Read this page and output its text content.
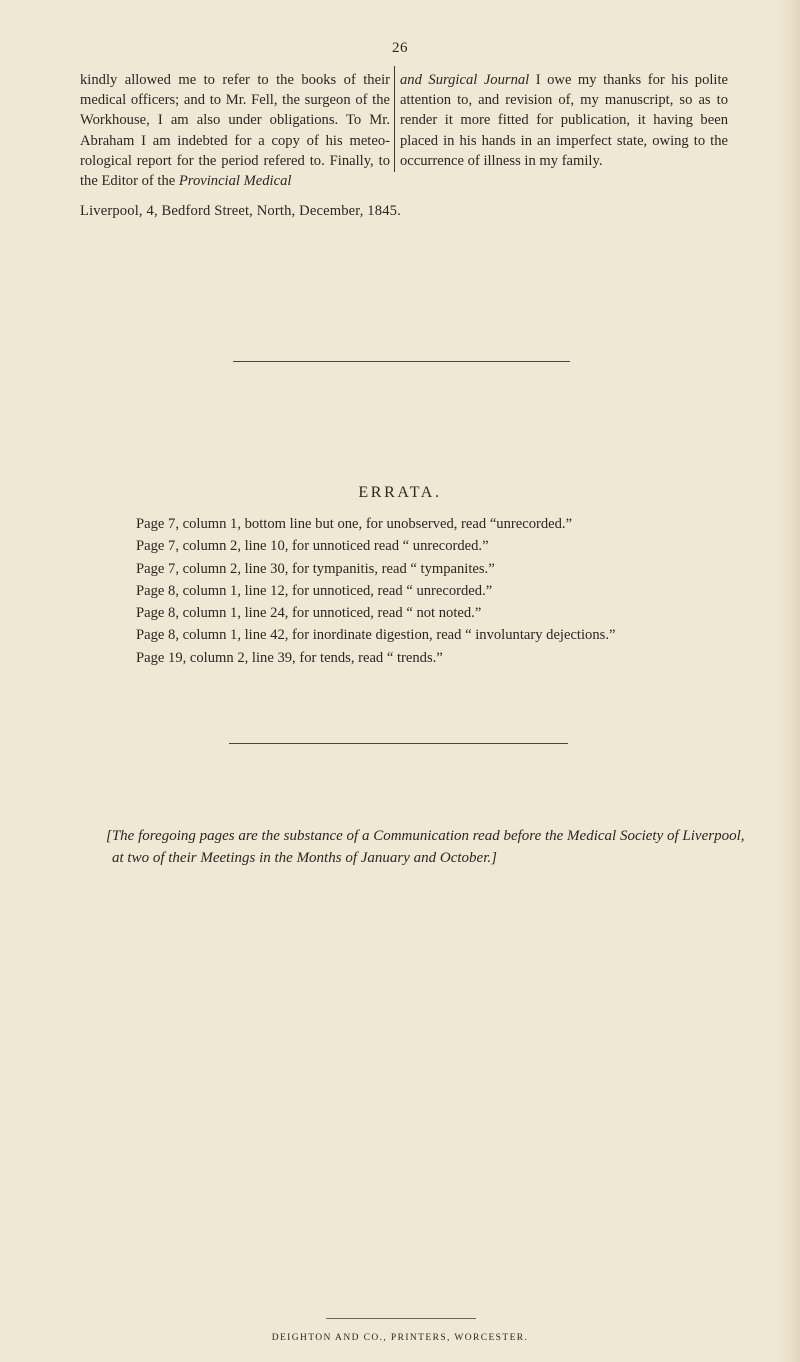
26

kindly allowed me to refer to the books of their medical officers; and to Mr. Fell, the surgeon of the Workhouse, I am also under obligations. To Mr. Abraham I am indebted for a copy of his meteo-rological report for the period refered to. Finally, to the Editor of the Provincial Medical

and Surgical Journal I owe my thanks for his polite attention to, and revision of, my manuscript, so as to render it more fitted for publication, it having been placed in his hands in an imperfect state, owing to the occurrence of illness in my family.

Liverpool, 4, Bedford Street, North, December, 1845.
ERRATA.
Page 7, column 1, bottom line but one, for unobserved, read “unrecorded.”
Page 7, column 2, line 10, for unnoticed read “ unrecorded.”
Page 7, column 2, line 30, for tympanitis, read “ tympanites.”
Page 8, column 1, line 12, for unnoticed, read “ unrecorded.”
Page 8, column 1, line 24, for unnoticed, read “ not noted.”
Page 8, column 1, line 42, for inordinate digestion, read “ involuntary dejections.”
Page 19, column 2, line 39, for tends, read “ trends.”
[The foregoing pages are the substance of a Communication read before the Medical Society of Liverpool,
at two of their Meetings in the Months of January and October.]
DEIGHTON AND CO., PRINTERS, WORCESTER.
